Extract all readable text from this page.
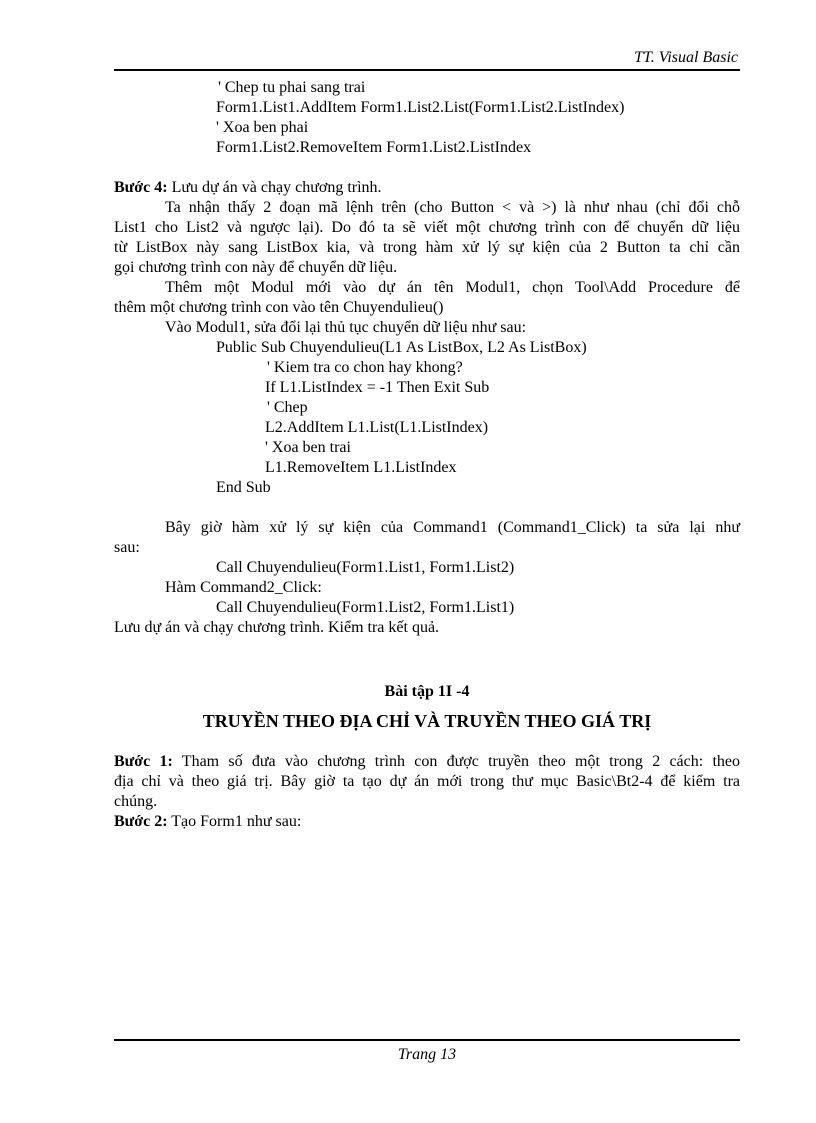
TT. Visual Basic
' Chep tu phai sang trai
Form1.List1.AddItem Form1.List2.List(Form1.List2.ListIndex)
' Xoa ben phai
Form1.List2.RemoveItem Form1.List2.ListIndex
Bước 4: Lưu dự án và chạy chương trình.
Ta nhận thấy 2 đoạn mã lệnh trên (cho Button < và >) là như nhau (chỉ đổi chỗ
List1 cho List2 và ngược lại). Do đó ta sẽ viết một chương trình con để chuyển dữ liệu
từ ListBox này sang ListBox kia, và trong hàm xử lý sự kiện của 2 Button ta chỉ cần
gọi chương trình con này để chuyển dữ liệu.
Thêm một Modul mới vào dự án tên Modul1, chọn Tool\Add Procedure để
thêm một chương trình con vào tên Chuyendulieu()
Vào Modul1, sửa đổi lại thủ tục chuyển dữ liệu như sau:
Public Sub Chuyendulieu(L1 As ListBox, L2 As ListBox)
' Kiem tra co chon hay khong?
If L1.ListIndex = -1 Then Exit Sub
' Chep
L2.AddItem L1.List(L1.ListIndex)
' Xoa ben trai
L1.RemoveItem L1.ListIndex
End Sub
Bây giờ hàm xử lý sự kiện của Command1 (Command1_Click) ta sửa lại như
sau:
Call Chuyendulieu(Form1.List1, Form1.List2)
Hàm Command2_Click:
Call Chuyendulieu(Form1.List2, Form1.List1)
Lưu dự án và chạy chương trình. Kiểm tra kết quả.
Bài tập 1I -4
TRUYỀN THEO ĐỊA CHỈ VÀ TRUYỀN THEO GIÁ TRỊ
Bước 1: Tham số đưa vào chương trình con được truyền theo một trong 2 cách: theo
địa chỉ và theo giá trị. Bây giờ ta tạo dự án mới trong thư mục Basic\Bt2-4 để kiểm tra
chúng.
Bước 2: Tạo Form1 như sau:
Trang 13
